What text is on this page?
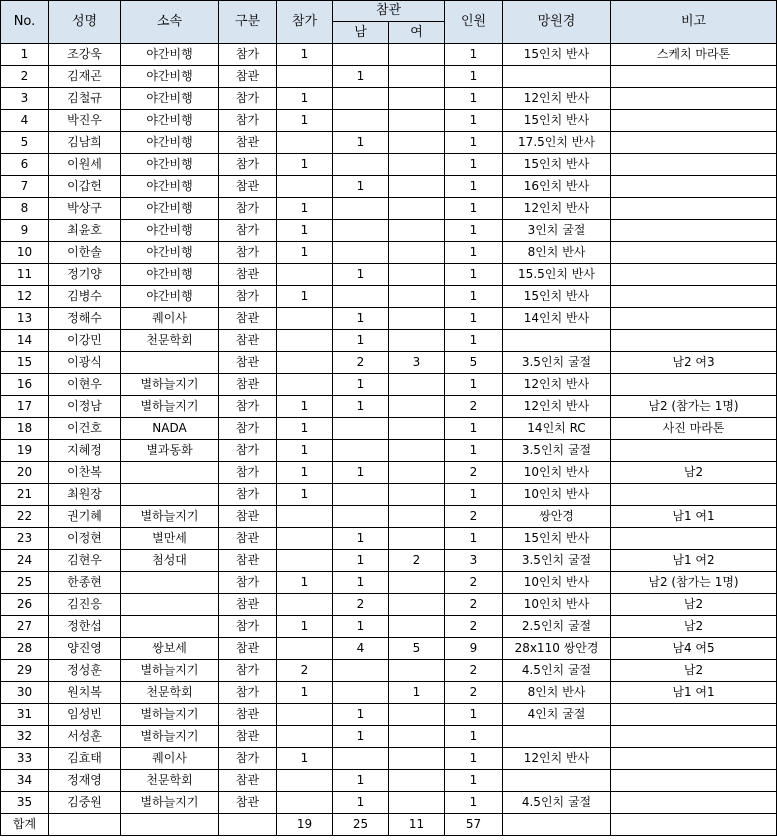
No.	성명	소속	구분	참가	참관		인원	망원경	비고
					남	여			
1	조강욱	야간비행	참가	1			1	15인치 반사	스케치 마라톤
2	김재곤	야간비행	참관		1		1		
3	김철규	야간비행	참가	1			1	12인치 반사	
4	박진우	야간비행	참가	1			1	15인치 반사	
5	김남희	야간비행	참관		1		1	17.5인치 반사	
6	이원세	야간비행	참가	1			1	15인치 반사	
7	이갑헌	야간비행	참관		1		1	16인치 반사	
8	박상구	야간비행	참가	1			1	12인치 반사	
9	최윤호	야간비행	참가	1			1	3인치 굴절	
10	이한솔	야간비행	참가	1			1	8인치 반사	
11	정기양	야간비행	참관		1		1	15.5인치 반사	
12	김병수	야간비행	참가	1			1	15인치 반사	
13	정해수	퀘이사	참관		1		1	14인치 반사	
14	이강민	천문학회	참관		1		1		
15	이광식		참관		2	3	5	3.5인치 굴절	남2 여3
16	이현우	별하늘지기	참관		1		1	12인치 반사	
17	이정남	별하늘지기	참가	1	1		2	12인치 반사	남2 (참가는 1명)
18	이건호	NADA	참가	1			1	14인치 RC	사진 마라톤
19	지혜정	별과동화	참가	1			1	3.5인치 굴절	
20	이찬복		참가	1	1		2	10인치 반사	남2
21	최원장		참가	1			1	10인치 반사	
22	권기혜	별하늘지기	참관				2	쌍안경	남1 여1
23	이정현	별만세	참관		1		1	15인치 반사	
24	김현우	첨성대	참관		1	2	3	3.5인치 굴절	남1 여2
25	한종현		참가	1	1		2	10인치 반사	남2 (참가는 1명)
26	김진응		참관		2		2	10인치 반사	남2
27	정한섭		참가	1	1		2	2.5인치 굴절	남2
28	양진영	쌍보세	참관		4	5	9	28x110 쌍안경	남4 여5
29	정성훈	별하늘지기	참가	2			2	4.5인치 굴절	남2
30	원치복	천문학회	참가	1		1	2	8인치 반사	남1 여1
31	임성빈	별하늘지기	참관		1		1	4인치 굴절	
32	서성훈	별하늘지기	참관		1		1		
33	김효태	퀘이사	참가	1			1	12인치 반사	
34	정재영	천문학회	참관		1		1		
35	김중원	별하늘지기	참관		1		1	4.5인치 굴절	
합계				19	25	11	57		
